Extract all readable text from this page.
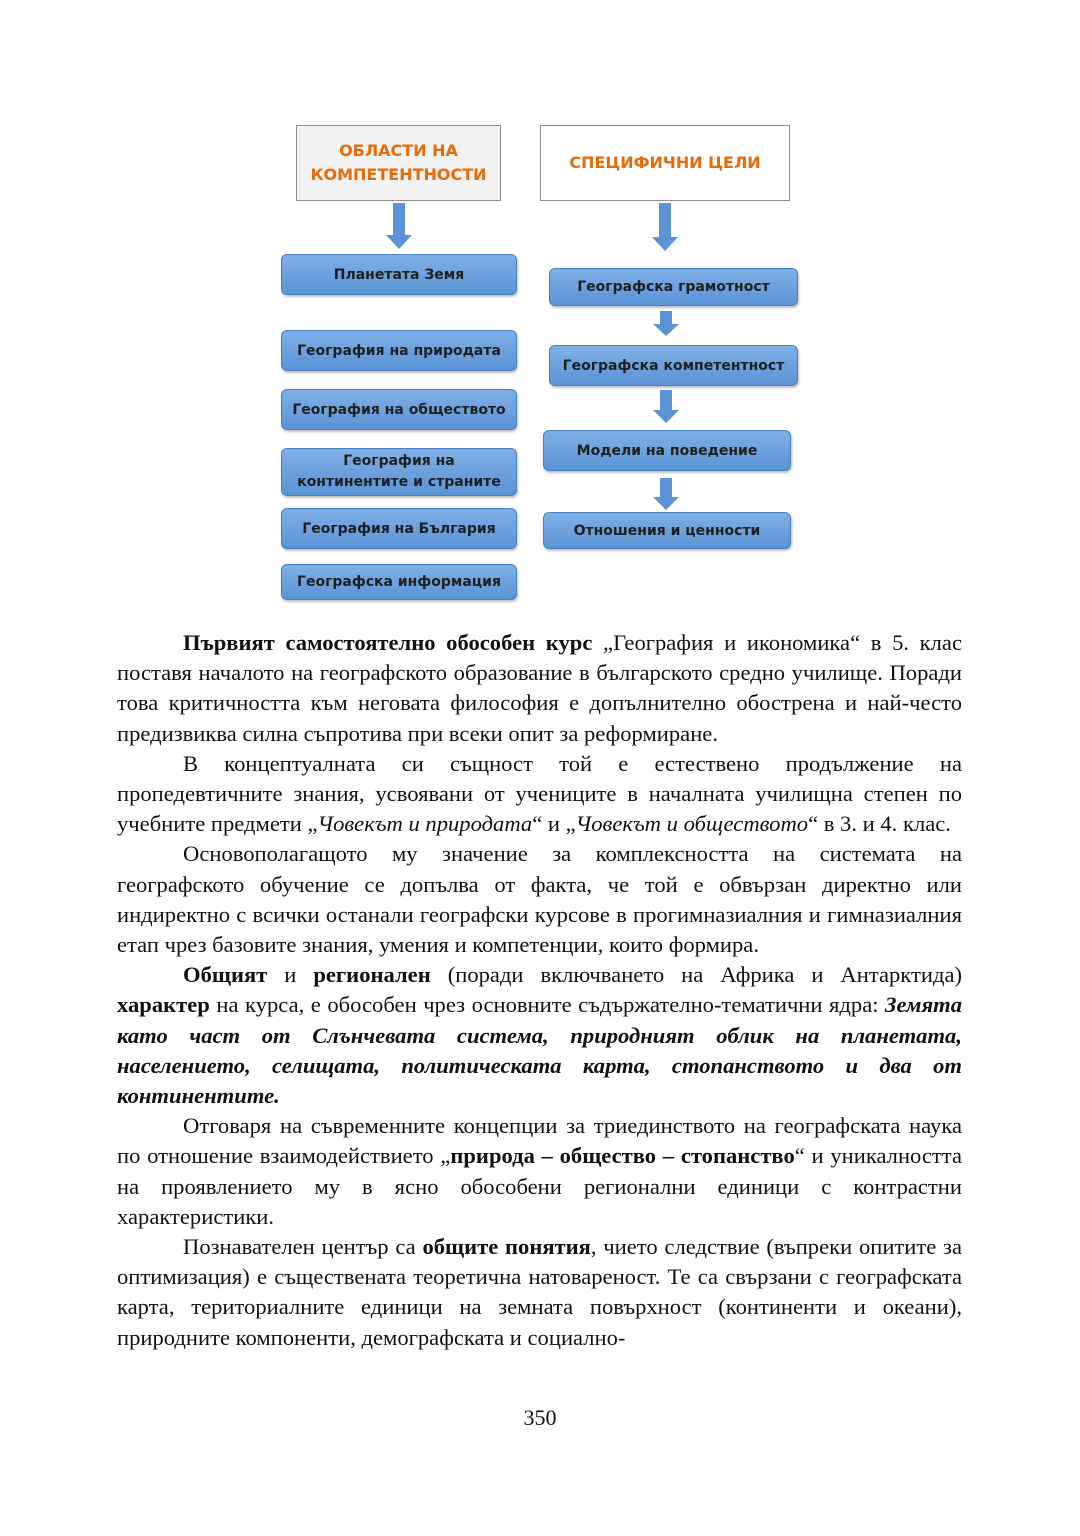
ОБЛАСТИ НА КОМПЕТЕНТНОСТИ
СПЕЦИФИЧНИ ЦЕЛИ
Планетата Земя
География на природата
География на обществото
География на континентите и страните
География на България
Географска информация
Географска грамотност
Географска компетентност
Модели на поведение
Отношения и ценности

Първият самостоятелно обособен курс „География и икономика“ в 5. клас поставя началото на географското образование в българското средно училище. Поради това критичността към неговата философия е допълнително обострена и най-често предизвиква силна съпротива при всеки опит за реформиране.

В концептуалната си същност той е естествено продължение на пропедевтичните знания, усвоявани от учениците в началната училищна степен по учебните предмети „Човекът и природата“ и „Човекът и обществото“ в 3. и 4. клас.

Основополагащото му значение за комплексността на системата на географското обучение се допълва от факта, че той е обвързан директно или индиректно с всички останали географски курсове в прогимназиалния и гимназиалния етап чрез базовите знания, умения и компетенции, които формира.

Общият и регионален (поради включването на Африка и Антарктида) характер на курса, е обособен чрез основните съдържателно-тематични ядра: Земята като част от Слънчевата система, природният облик на планетата, населението, селищата, политическата карта, стопанството и два от континентите.

Отговаря на съвременните концепции за триединството на географската наука по отношение взаимодействието „природа – общество – стопанство“ и уникалността на проявлението му в ясно обособени регионални единици с контрастни характеристики.

Познавателен център са общите понятия, чието следствие (въпреки опитите за оптимизация) е съществената теоретична натовареност. Те са свързани с географската карта, териториалните единици на земната повърхност (континенти и океани), природните компоненти, демографската и социално-

350
